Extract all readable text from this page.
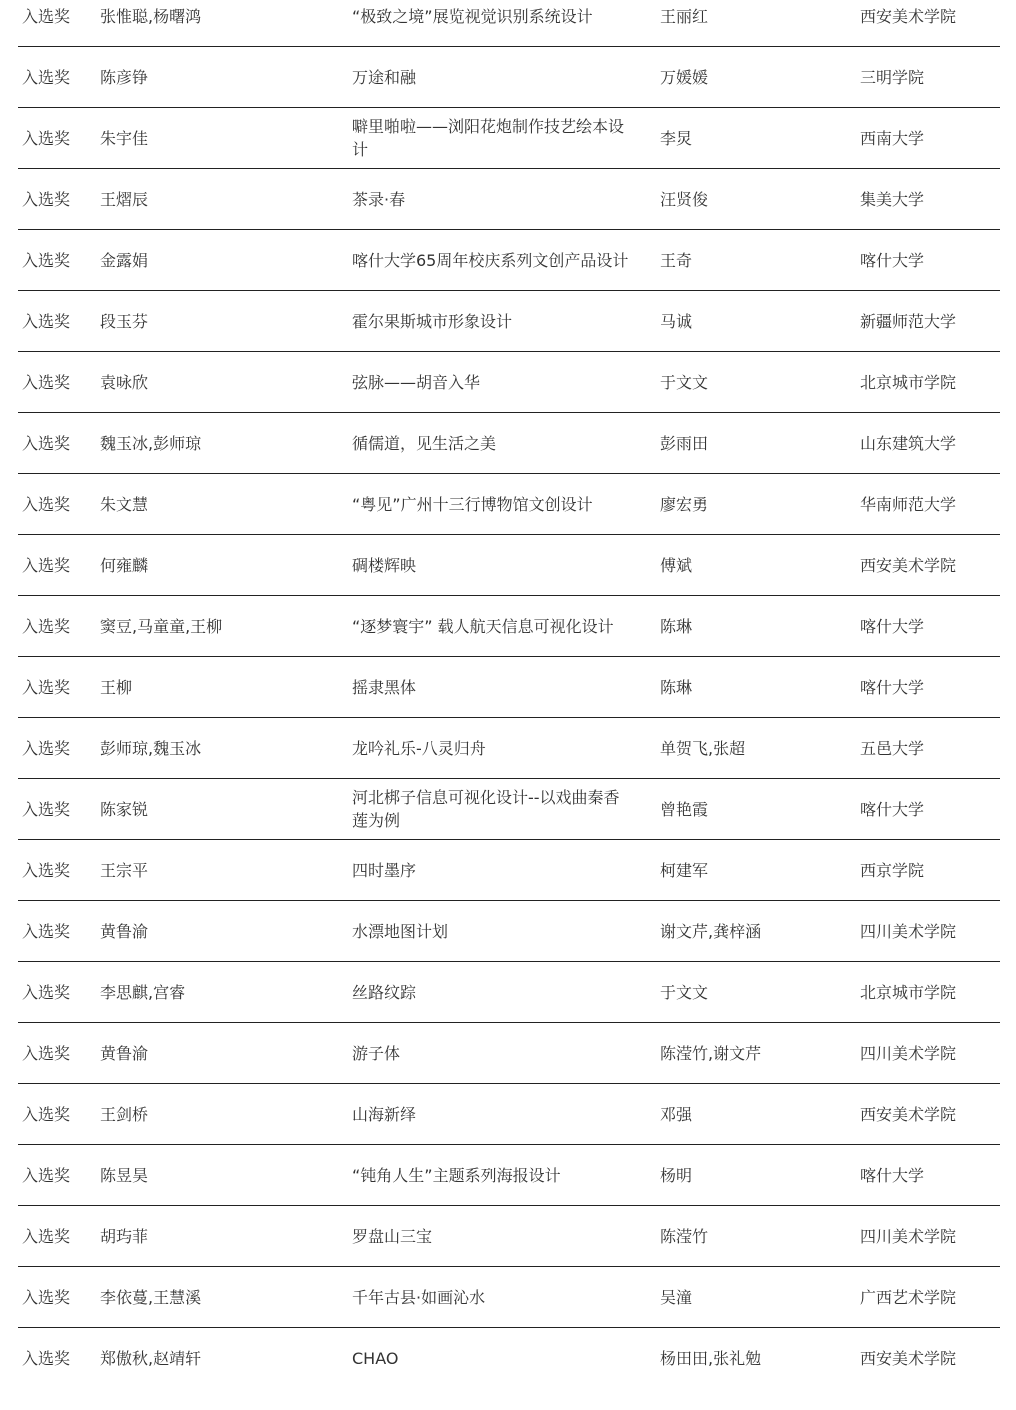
入选奖	张惟聪,杨曙鸿	“极致之境”展览视觉识别系统设计	王丽红	西安美术学院
入选奖	陈彦铮	万途和融	万媛媛	三明学院
入选奖	朱宇佳	噼里啪啦——浏阳花炮制作技艺绘本设计	李炅	西南大学
入选奖	王熠辰	茶录·春	汪贤俊	集美大学
入选奖	金露娟	喀什大学65周年校庆系列文创产品设计	王奇	喀什大学
入选奖	段玉芬	霍尔果斯城市形象设计	马诚	新疆师范大学
入选奖	袁咏欣	弦脉——胡音入华	于文文	北京城市学院
入选奖	魏玉冰,彭师琼	循儒道，见生活之美	彭雨田	山东建筑大学
入选奖	朱文慧	“粤见”广州十三行博物馆文创设计	廖宏勇	华南师范大学
入选奖	何雍麟	碉楼辉映	傅斌	西安美术学院
入选奖	窦豆,马童童,王柳	“逐梦寰宇” 载人航天信息可视化设计	陈琳	喀什大学
入选奖	王柳	摇隶黑体	陈琳	喀什大学
入选奖	彭师琼,魏玉冰	龙吟礼乐-八灵归舟	单贺飞,张超	五邑大学
入选奖	陈家锐	河北梆子信息可视化设计--以戏曲秦香莲为例	曾艳霞	喀什大学
入选奖	王宗平	四时墨序	柯建军	西京学院
入选奖	黄鲁渝	水漂地图计划	谢文芹,龚梓涵	四川美术学院
入选奖	李思麒,宫睿	丝路纹踪	于文文	北京城市学院
入选奖	黄鲁渝	游子体	陈滢竹,谢文芹	四川美术学院
入选奖	王剑桥	山海新绎	邓强	西安美术学院
入选奖	陈昱昊	“钝角人生”主题系列海报设计	杨明	喀什大学
入选奖	胡玙菲	罗盘山三宝	陈滢竹	四川美术学院
入选奖	李依蔓,王慧溪	千年古县·如画沁水	吴潼	广西艺术学院
入选奖	郑傲秋,赵靖轩	CHAO	杨田田,张礼勉	西安美术学院
